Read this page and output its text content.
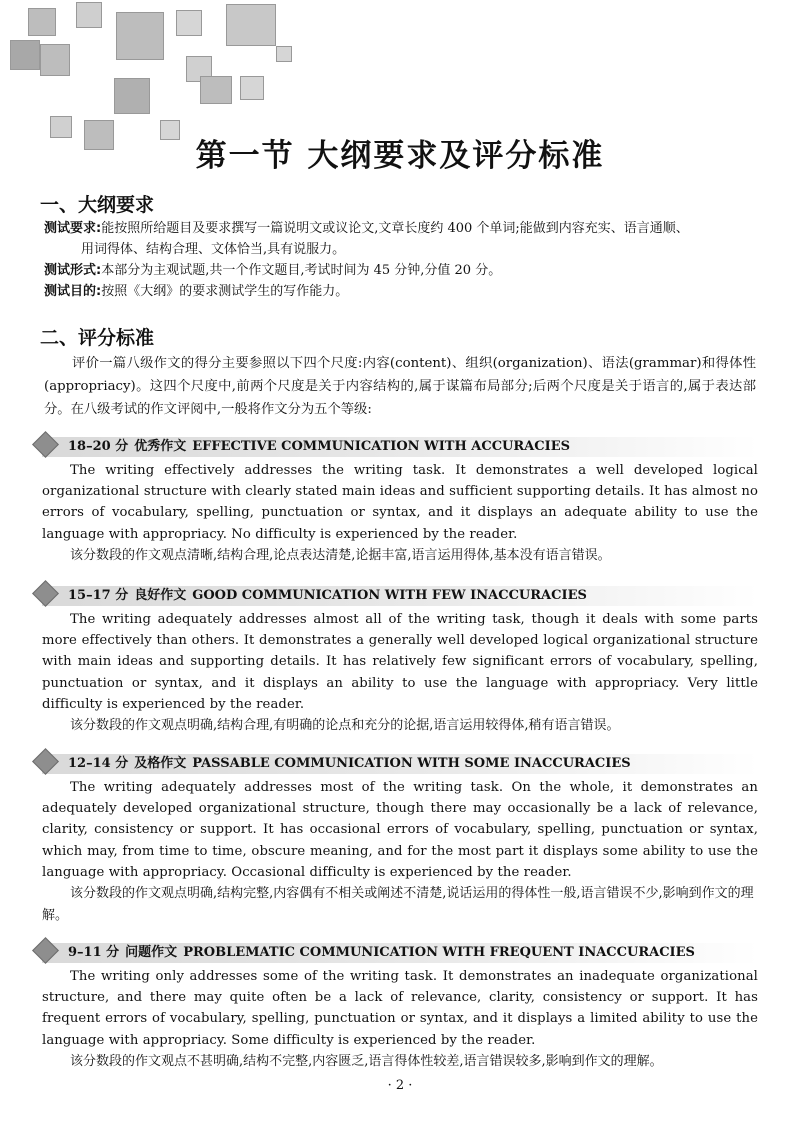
第一节 大纲要求及评分标准
一、大纲要求
测试要求:能按照所给题目及要求撰写一篇说明文或议论文,文章长度约 400 个单词;能做到内容充实、语言通顺、
用词得体、结构合理、文体恰当,具有说服力。
测试形式:本部分为主观试题,共一个作文题目,考试时间为 45 分钟,分值 20 分。
测试目的:按照《大纲》的要求测试学生的写作能力。
二、评分标准
评价一篇八级作文的得分主要参照以下四个尺度:内容(content)、组织(organization)、语法(grammar)和得体性(appropriacy)。这四个尺度中,前两个尺度是关于内容结构的,属于谋篇布局部分;后两个尺度是关于语言的,属于表达部分。在八级考试的作文评阅中,一般将作文分为五个等级:
18–20 分 优秀作文 EFFECTIVE COMMUNICATION WITH ACCURACIES
The writing effectively addresses the writing task. It demonstrates a well developed logical organizational structure with clearly stated main ideas and sufficient supporting details. It has almost no errors of vocabulary, spelling, punctuation or syntax, and it displays an adequate ability to use the language with appropriacy. No difficulty is experienced by the reader.
该分数段的作文观点清晰,结构合理,论点表达清楚,论据丰富,语言运用得体,基本没有语言错误。
15–17 分 良好作文 GOOD COMMUNICATION WITH FEW INACCURACIES
The writing adequately addresses almost all of the writing task, though it deals with some parts more effectively than others. It demonstrates a generally well developed logical organizational structure with main ideas and supporting details. It has relatively few significant errors of vocabulary, spelling, punctuation or syntax, and it displays an ability to use the language with appropriacy. Very little difficulty is experienced by the reader.
该分数段的作文观点明确,结构合理,有明确的论点和充分的论据,语言运用较得体,稍有语言错误。
12–14 分 及格作文 PASSABLE COMMUNICATION WITH SOME INACCURACIES
The writing adequately addresses most of the writing task. On the whole, it demonstrates an adequately developed organizational structure, though there may occasionally be a lack of relevance, clarity, consistency or support. It has occasional errors of vocabulary, spelling, punctuation or syntax, which may, from time to time, obscure meaning, and for the most part it displays some ability to use the language with appropriacy. Occasional difficulty is experienced by the reader.
该分数段的作文观点明确,结构完整,内容偶有不相关或阐述不清楚,说话运用的得体性一般,语言错误不少,影响到作文的理解。
9–11 分 问题作文 PROBLEMATIC COMMUNICATION WITH FREQUENT INACCURACIES
The writing only addresses some of the writing task. It demonstrates an inadequate organizational structure, and there may quite often be a lack of relevance, clarity, consistency or support. It has frequent errors of vocabulary, spelling, punctuation or syntax, and it displays a limited ability to use the language with appropriacy. Some difficulty is experienced by the reader.
该分数段的作文观点不甚明确,结构不完整,内容匮乏,语言得体性较差,语言错误较多,影响到作文的理解。
· 2 ·
